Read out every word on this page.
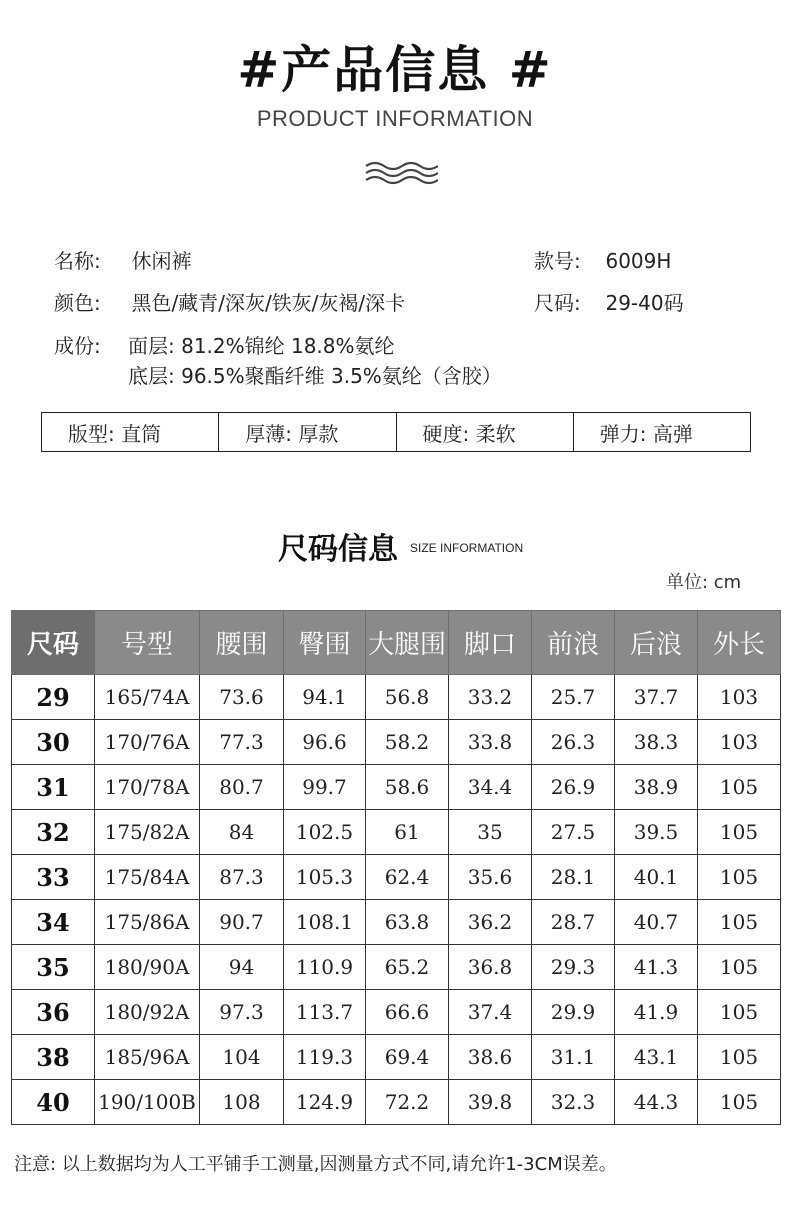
#产品信息 #
PRODUCT INFORMATION
名称: 休闲裤	款号: 6009H
颜色: 黑色/藏青/深灰/铁灰/灰褐/深卡	尺码: 29-40码
成份: 面层: 81.2%锦纶 18.8%氨纶
底层: 96.5%聚酯纤维 3.5%氨纶（含胶）
版型: 直筒	厚薄: 厚款	硬度: 柔软	弹力: 高弹
尺码信息 SIZE INFORMATION
单位: cm
尺码	号型	腰围	臀围	大腿围	脚口	前浪	后浪	外长
29	165/74A	73.6	94.1	56.8	33.2	25.7	37.7	103
30	170/76A	77.3	96.6	58.2	33.8	26.3	38.3	103
31	170/78A	80.7	99.7	58.6	34.4	26.9	38.9	105
32	175/82A	84	102.5	61	35	27.5	39.5	105
33	175/84A	87.3	105.3	62.4	35.6	28.1	40.1	105
34	175/86A	90.7	108.1	63.8	36.2	28.7	40.7	105
35	180/90A	94	110.9	65.2	36.8	29.3	41.3	105
36	180/92A	97.3	113.7	66.6	37.4	29.9	41.9	105
38	185/96A	104	119.3	69.4	38.6	31.1	43.1	105
40	190/100B	108	124.9	72.2	39.8	32.3	44.3	105
注意: 以上数据均为人工平铺手工测量,因测量方式不同,请允许1-3CM误差。
